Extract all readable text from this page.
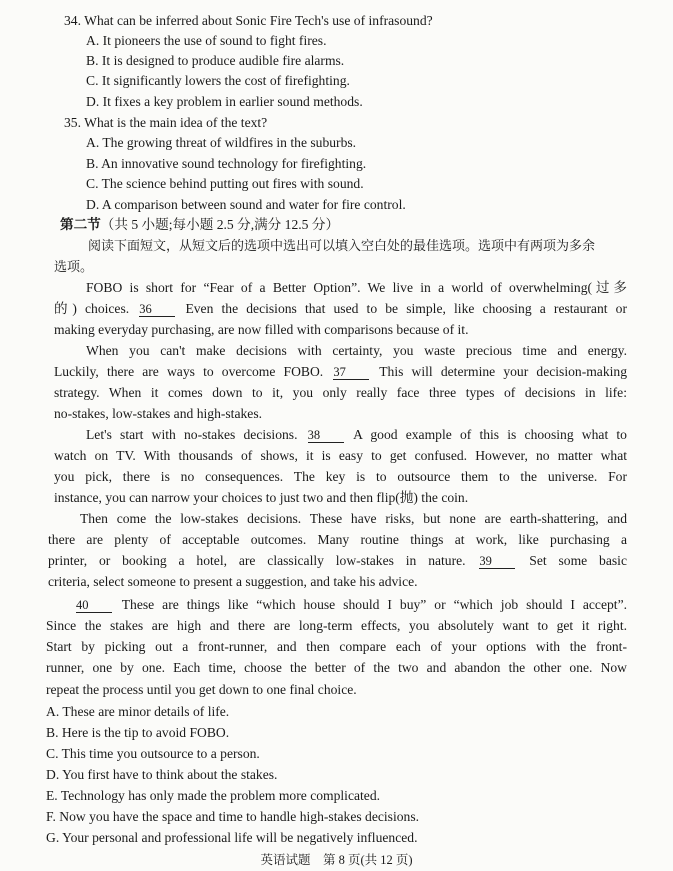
34. What can be inferred about Sonic Fire Tech's use of infrasound?
A. It pioneers the use of sound to fight fires.
B. It is designed to produce audible fire alarms.
C. It significantly lowers the cost of firefighting.
D. It fixes a key problem in earlier sound methods.
35. What is the main idea of the text?
A. The growing threat of wildfires in the suburbs.
B. An innovative sound technology for firefighting.
C. The science behind putting out fires with sound.
D. A comparison between sound and water for fire control.
第二节（共 5 小题;每小题 2.5 分,满分 12.5 分）
阅读下面短文，从短文后的选项中选出可以填入空白处的最佳选项。选项中有两项为多余
选项。
FOBO is short for “Fear of a Better Option”. We live in a world of overwhelming(过多
的) choices. 36 Even the decisions that used to be simple, like choosing a restaurant or
making everyday purchasing, are now filled with comparisons because of it.
When you can't make decisions with certainty, you waste precious time and energy.
Luckily, there are ways to overcome FOBO. 37 This will determine your decision-making
strategy. When it comes down to it, you only really face three types of decisions in life:
no-stakes, low-stakes and high-stakes.
Let's start with no-stakes decisions. 38 A good example of this is choosing what to
watch on TV. With thousands of shows, it is easy to get confused. However, no matter what
you pick, there is no consequences. The key is to outsource them to the universe. For
instance, you can narrow your choices to just two and then flip(抛) the coin.
Then come the low-stakes decisions. These have risks, but none are earth-shattering, and
there are plenty of acceptable outcomes. Many routine things at work, like purchasing a
printer, or booking a hotel, are classically low-stakes in nature. 39	Set some basic
criteria, select someone to present a suggestion, and take his advice.
40 These are things like “which house should I buy” or “which job should I accept”.
Since the stakes are high and there are long-term effects, you absolutely want to get it right.
Start by picking out a front-runner, and then compare each of your options with the front-
runner, one by one. Each time, choose the better of the two and abandon the other one. Now
repeat the process until you get down to one final choice.
A. These are minor details of life.
B. Here is the tip to avoid FOBO.
C. This time you outsource to a person.
D. You first have to think about the stakes.
E. Technology has only made the problem more complicated.
F. Now you have the space and time to handle high-stakes decisions.
G. Your personal and professional life will be negatively influenced.
英语试题　第 8 页(共 12 页)
